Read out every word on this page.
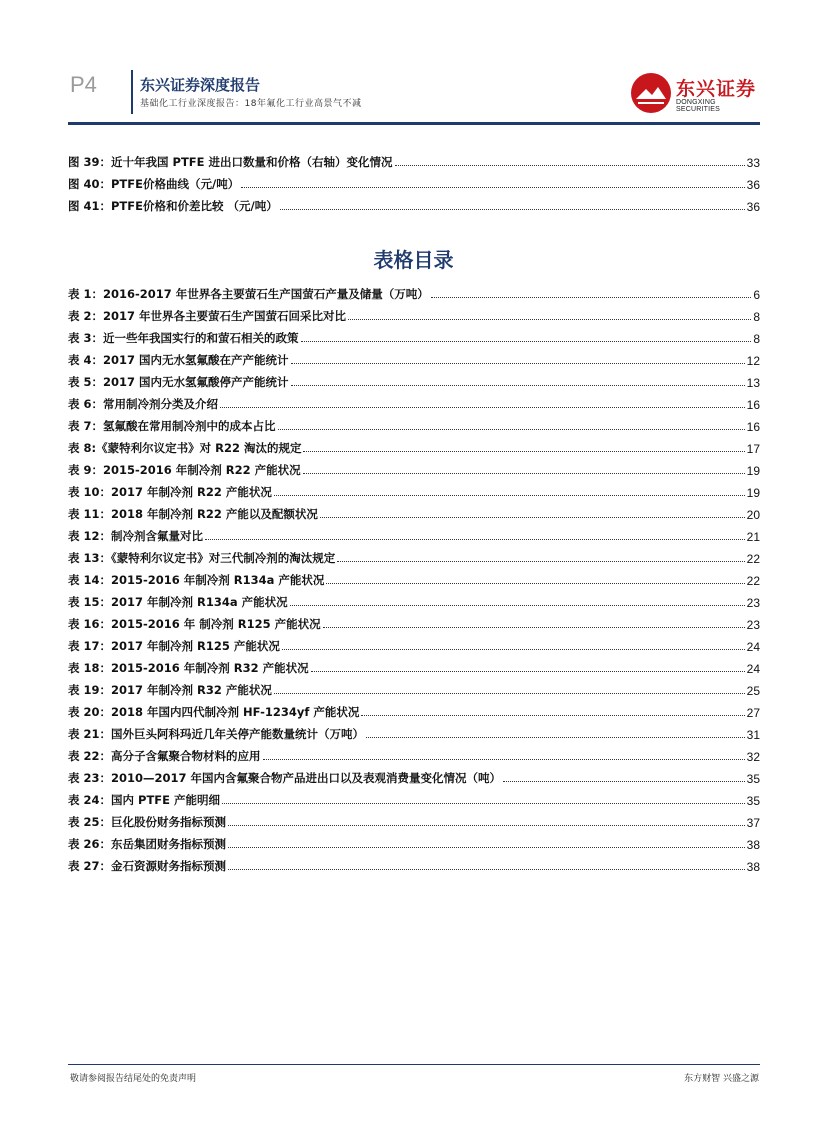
P4	东兴证券深度报告
基础化工行业深度报告：18年氟化工行业高景气不减
东兴证券
DONGXING SECURITIES
图 39：近十年我国 PTFE 进出口数量和价格（右轴）变化情况	33
图 40：PTFE价格曲线（元/吨）	36
图 41：PTFE价格和价差比较 （元/吨）	36
表格目录
表 1：2016-2017 年世界各主要萤石生产国萤石产量及储量（万吨）	6
表 2：2017 年世界各主要萤石生产国萤石回采比对比	8
表 3：近一些年我国实行的和萤石相关的政策	8
表 4：2017 国内无水氢氟酸在产产能统计	12
表 5：2017 国内无水氢氟酸停产产能统计	13
表 6：常用制冷剂分类及介绍	16
表 7：氢氟酸在常用制冷剂中的成本占比	16
表 8:《蒙特利尔议定书》对 R22 淘汰的规定	17
表 9：2015-2016 年制冷剂 R22 产能状况	19
表 10：2017 年制冷剂 R22 产能状况	19
表 11：2018 年制冷剂 R22 产能以及配额状况	20
表 12：制冷剂含氟量对比	21
表 13：《蒙特利尔议定书》对三代制冷剂的淘汰规定	22
表 14：2015-2016 年制冷剂 R134a 产能状况	22
表 15：2017 年制冷剂 R134a 产能状况	23
表 16：2015-2016 年 制冷剂 R125 产能状况	23
表 17：2017 年制冷剂 R125 产能状况	24
表 18：2015-2016 年制冷剂 R32 产能状况	24
表 19：2017 年制冷剂 R32 产能状况	25
表 20：2018 年国内四代制冷剂 HF-1234yf 产能状况	27
表 21：国外巨头阿科玛近几年关停产能数量统计（万吨）	31
表 22：高分子含氟聚合物材料的应用	32
表 23：2010—2017 年国内含氟聚合物产品进出口以及表观消费量变化情况（吨）	35
表 24：国内 PTFE 产能明细	35
表 25：巨化股份财务指标预测	37
表 26：东岳集团财务指标预测	38
表 27：金石资源财务指标预测	38
敬请参阅报告结尾处的免责声明	东方财智 兴盛之源
